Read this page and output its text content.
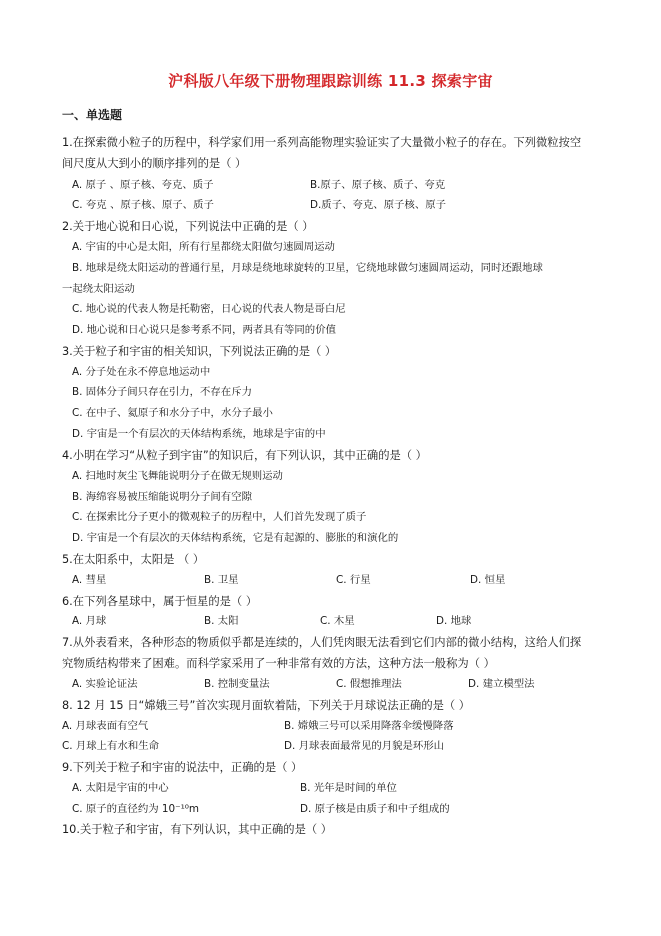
沪科版八年级下册物理跟踪训练 11.3 探索宇宙
一、单选题
1.在探索微小粒子的历程中，科学家们用一系列高能物理实验证实了大量微小粒子的存在。下列微粒按空
间尺度从大到小的顺序排列的是（ ）
A. 原子 、原子核、夸克、质子	B.原子、原子核、质子、夸克
C. 夸克 、原子核、原子、质子	D.质子、夸克、原子核、原子
2.关于地心说和日心说，下列说法中正确的是（ ）
A. 宇宙的中心是太阳，所有行星都绕太阳做匀速圆周运动
B. 地球是绕太阳运动的普通行星，月球是绕地球旋转的卫星，它绕地球做匀速圆周运动，同时还跟地球
一起绕太阳运动
C. 地心说的代表人物是托勒密，日心说的代表人物是哥白尼
D. 地心说和日心说只是参考系不同，两者具有等同的价值
3.关于粒子和宇宙的相关知识，下列说法正确的是（ ）
A. 分子处在永不停息地运动中
B. 固体分子间只存在引力，不存在斥力
C. 在中子、氦原子和水分子中，水分子最小
D. 宇宙是一个有层次的天体结构系统，地球是宇宙的中
4.小明在学习“从粒子到宇宙”的知识后，有下列认识，其中正确的是（ ）
A. 扫地时灰尘飞舞能说明分子在做无规则运动
B. 海绵容易被压缩能说明分子间有空隙
C. 在探索比分子更小的微观粒子的历程中，人们首先发现了质子
D. 宇宙是一个有层次的天体结构系统，它是有起源的、膨胀的和演化的
5.在太阳系中，太阳是 （ ）
A. 彗星	B. 卫星	C. 行星	D. 恒星
6.在下列各星球中，属于恒星的是（ ）
A. 月球	B. 太阳	C. 木星	D. 地球
7.从外表看来，各种形态的物质似乎都是连续的，人们凭肉眼无法看到它们内部的微小结构，这给人们探
究物质结构带来了困难。而科学家采用了一种非常有效的方法，这种方法一般称为（ ）
A. 实验论证法	B. 控制变量法	C. 假想推理法	D. 建立模型法
8. 12 月 15 日“嫦娥三号”首次实现月面软着陆，下列关于月球说法正确的是（ ）
A. 月球表面有空气	B. 嫦娥三号可以采用降落伞缓慢降落
C. 月球上有水和生命	D. 月球表面最常见的月貌是环形山
9.下列关于粒子和宇宙的说法中，正确的是（ ）
A. 太阳是宇宙的中心	B. 光年是时间的单位
C. 原子的直径约为 10⁻¹⁰m	D. 原子核是由质子和中子组成的
10.关于粒子和宇宙，有下列认识，其中正确的是（ ）
